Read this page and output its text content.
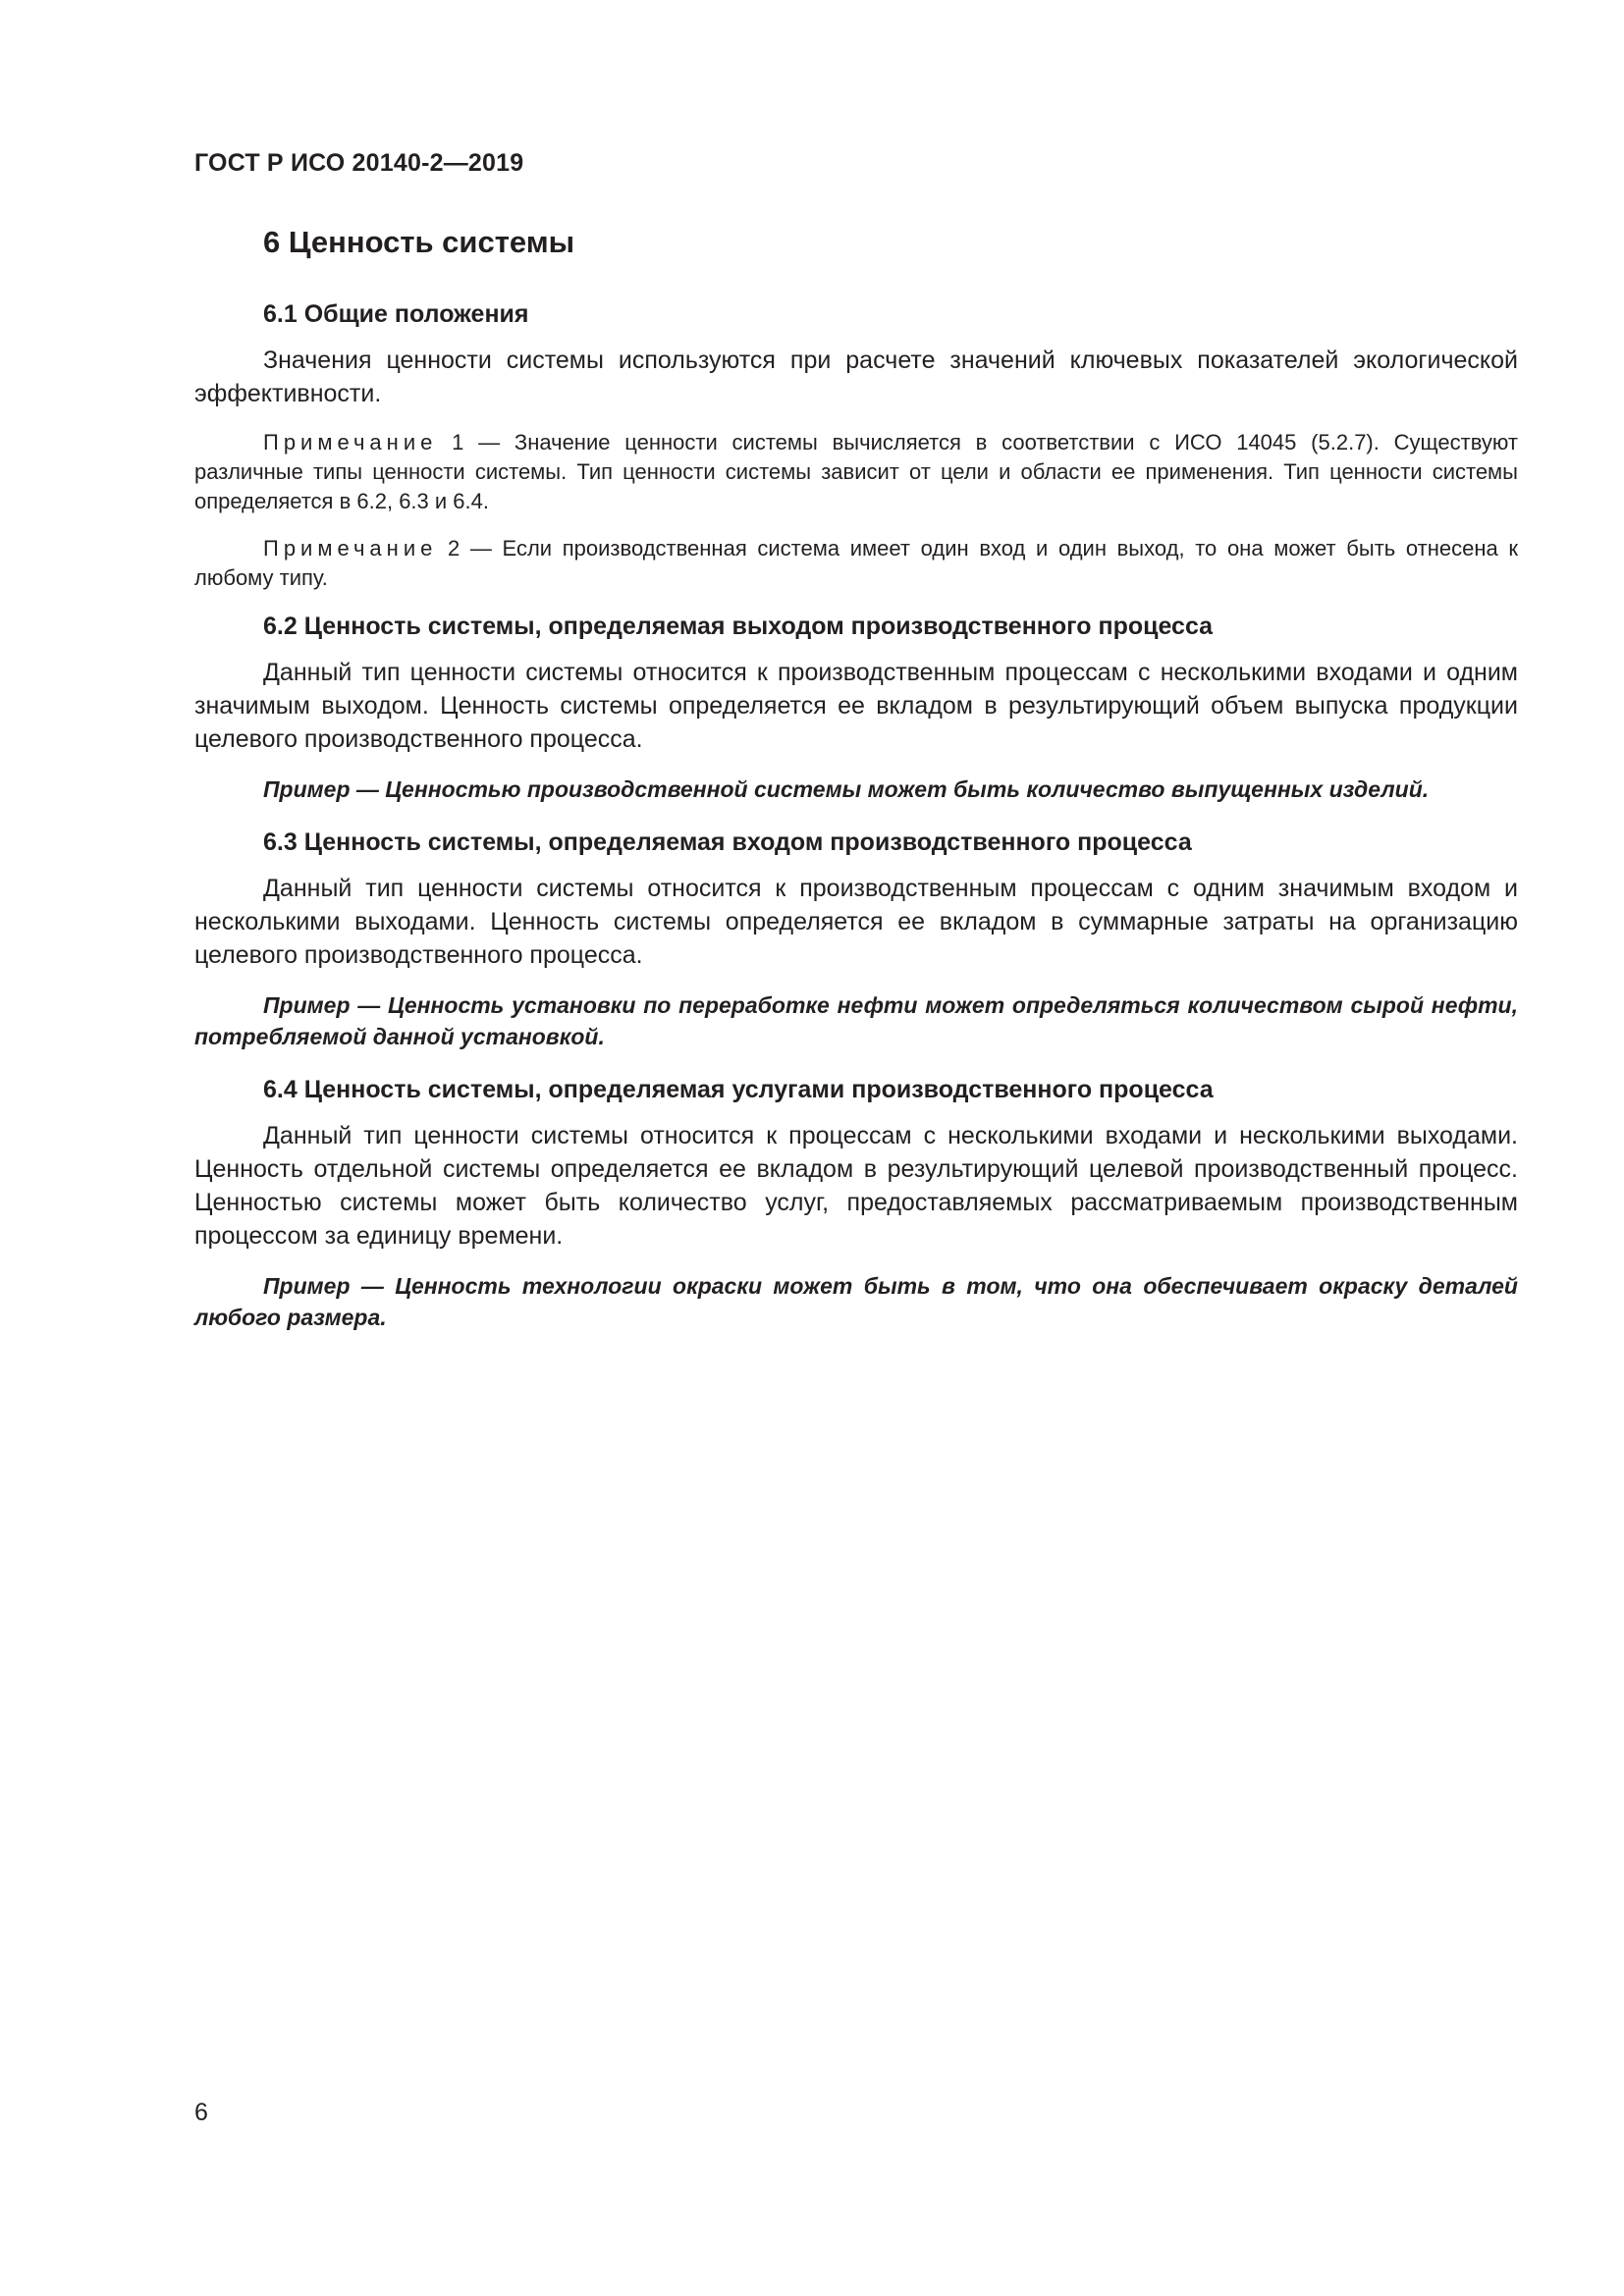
ГОСТ Р ИСО 20140-2—2019
6 Ценность системы
6.1 Общие положения

Значения ценности системы используются при расчете значений ключевых показателей экологической эффективности.

Примечание 1 — Значение ценности системы вычисляется в соответствии с ИСО 14045 (5.2.7). Существуют различные типы ценности системы. Тип ценности системы зависит от цели и области ее применения. Тип ценности системы определяется в 6.2, 6.3 и 6.4.

Примечание 2 — Если производственная система имеет один вход и один выход, то она может быть отнесена к любому типу.

6.2 Ценность системы, определяемая выходом производственного процесса

Данный тип ценности системы относится к производственным процессам с несколькими входами и одним значимым выходом. Ценность системы определяется ее вкладом в результирующий объем выпуска продукции целевого производственного процесса.

Пример — Ценностью производственной системы может быть количество выпущенных изделий.

6.3 Ценность системы, определяемая входом производственного процесса

Данный тип ценности системы относится к производственным процессам с одним значимым входом и несколькими выходами. Ценность системы определяется ее вкладом в суммарные затраты на организацию целевого производственного процесса.

Пример — Ценность установки по переработке нефти может определяться количеством сырой нефти, потребляемой данной установкой.

6.4 Ценность системы, определяемая услугами производственного процесса

Данный тип ценности системы относится к процессам с несколькими входами и несколькими выходами. Ценность отдельной системы определяется ее вкладом в результирующий целевой производственный процесс. Ценностью системы может быть количество услуг, предоставляемых рассматриваемым производственным процессом за единицу времени.

Пример — Ценность технологии окраски может быть в том, что она обеспечивает окраску деталей любого размера.

6
